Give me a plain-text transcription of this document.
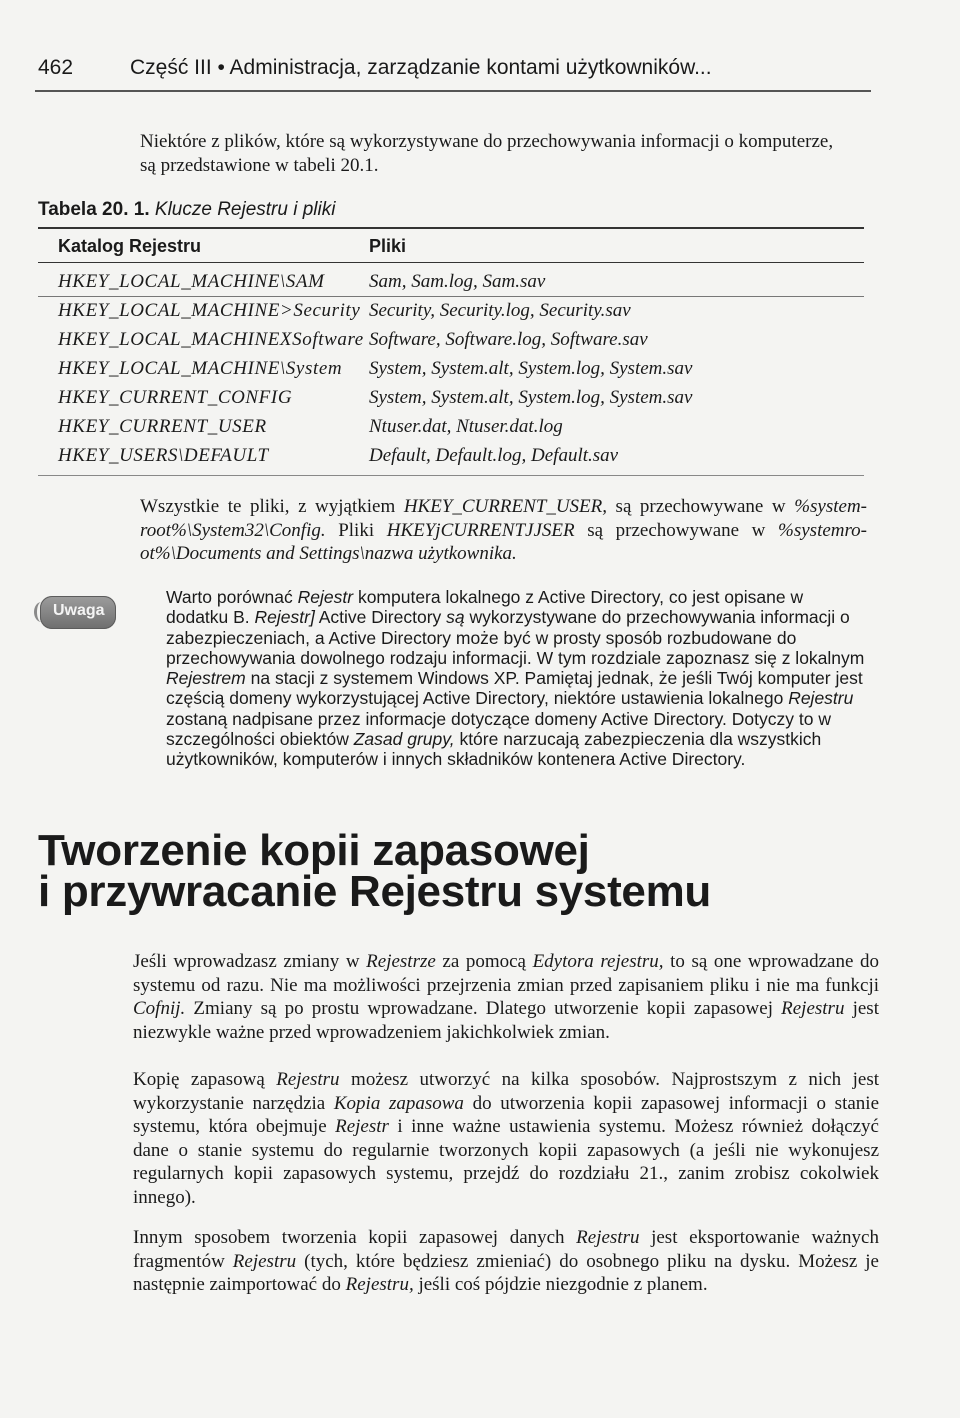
462	Część III • Administracja, zarządzanie kontami użytkowników...

Niektóre z plików, które są wykorzystywane do przechowywania informacji o komputerze,

są przedstawione w tabeli 20.1.

Tabela 20. 1. Klucze Rejestru i pliki
Katalog Rejestru	Pliki
HKEY_LOCAL_MACHINE\SAM Sam, Sam.log, Sam.sav
HKEY_LOCAL_MACHINE>Security Security, Security.log, Security.sav
HKEY_LOCAL_MACHINEXSoftware Software, Software.log, Software.sav
HKEY_LOCAL_MACHINE\System System, System.alt, System.log, System.sav
HKEY_CURRENT_CONFIG	System, System.alt, System.log, System.sav
HKEY_CURRENT_USER	Ntuser.dat, Ntuser.dat.log
HKEY_USERS\DEFAULT	Default, Default.log, Default.sav
Wszystkie te pliki, z wyjątkiem HKEY_CURRENT_USER, są przechowywane w %system-root%\System32\Config. Pliki HKEYjCURRENTJJSER są przechowywane w %systemro-ot%\Documents and Settings\nazwa użytkownika.
Uwaga

Warto porównać Rejestr komputera lokalnego z Active Directory, co jest opisane w dodatku B. Rejestr] Active Directory są wykorzystywane do przechowywania informacji o zabezpieczeniach, a Active Directory może być w prosty sposób rozbudowane do przechowywania dowolnego rodzaju informacji. W tym rozdziale zapoznasz się z lokalnym Rejestrem na stacji z systemem Windows XP. Pamiętaj jednak, że jeśli Twój komputer jest częścią domeny wykorzystującej Active Directory, niektóre ustawienia lokalnego Rejestru zostaną nadpisane przez informacje dotyczące domeny Active Directory. Dotyczy to w szczególności obiektów Zasad grupy, które narzucają zabezpieczenia dla wszystkich użytkowników, komputerów i innych składników kontenera Active Directory.

Tworzenie kopii zapasowej
i przywracanie Rejestru systemu

Jeśli wprowadzasz zmiany w Rejestrze za pomocą Edytora rejestru, to są one wprowadzane do systemu od razu. Nie ma możliwości przejrzenia zmian przed zapisaniem pliku i nie ma funkcji Cofnij. Zmiany są po prostu wprowadzane. Dlatego utworzenie kopii zapasowej Rejestru jest niezwykle ważne przed wprowadzeniem jakichkolwiek zmian.

Kopię zapasową Rejestru możesz utworzyć na kilka sposobów. Najprostszym z nich jest wykorzystanie narzędzia Kopia zapasowa do utworzenia kopii zapasowej informacji o stanie systemu, która obejmuje Rejestr i inne ważne ustawienia systemu. Możesz również dołączyć dane o stanie systemu do regularnie tworzonych kopii zapasowych (a jeśli nie wykonujesz regularnych kopii zapasowych systemu, przejdź do rozdziału 21., zanim zrobisz cokolwiek innego).

Innym sposobem tworzenia kopii zapasowej danych Rejestru jest eksportowanie ważnych fragmentów Rejestru (tych, które będziesz zmieniać) do osobnego pliku na dysku. Możesz je następnie zaimportować do Rejestru, jeśli coś pójdzie niezgodnie z planem.
